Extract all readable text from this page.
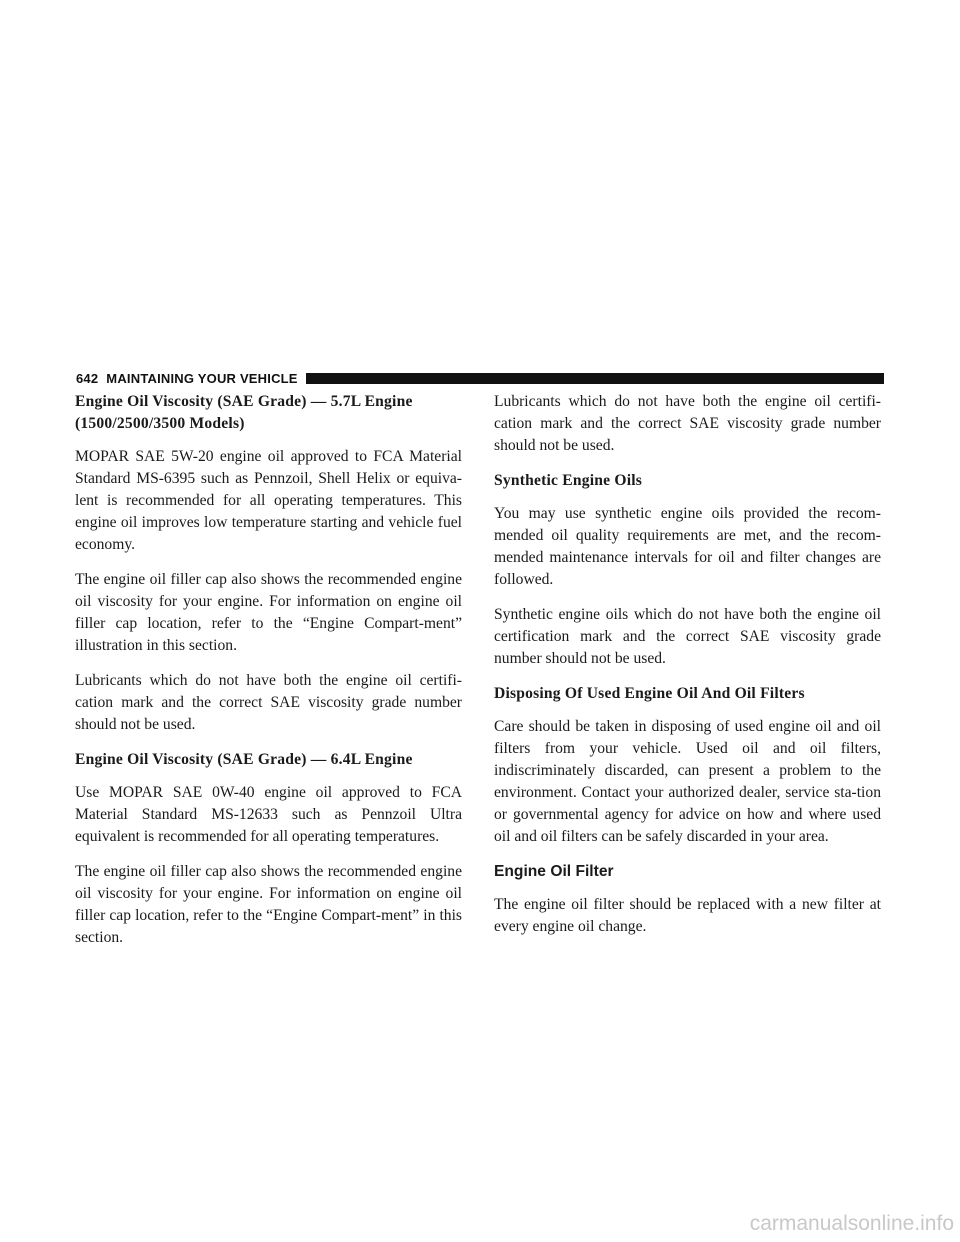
642 MAINTAINING YOUR VEHICLE
Engine Oil Viscosity (SAE Grade) — 5.7L Engine (1500/2500/3500 Models)

MOPAR SAE 5W-20 engine oil approved to FCA Material Standard MS-6395 such as Pennzoil, Shell Helix or equiva-lent is recommended for all operating temperatures. This engine oil improves low temperature starting and vehicle fuel economy.

The engine oil filler cap also shows the recommended engine oil viscosity for your engine. For information on engine oil filler cap location, refer to the “Engine Compart-ment” illustration in this section.

Lubricants which do not have both the engine oil certifi-cation mark and the correct SAE viscosity grade number should not be used.

Engine Oil Viscosity (SAE Grade) — 6.4L Engine

Use MOPAR SAE 0W-40 engine oil approved to FCA Material Standard MS-12633 such as Pennzoil Ultra equivalent is recommended for all operating temperatures.

The engine oil filler cap also shows the recommended engine oil viscosity for your engine. For information on engine oil filler cap location, refer to the “Engine Compart-ment” in this section.

Lubricants which do not have both the engine oil certifi-cation mark and the correct SAE viscosity grade number should not be used.

Synthetic Engine Oils

You may use synthetic engine oils provided the recom-mended oil quality requirements are met, and the recom-mended maintenance intervals for oil and filter changes are followed.

Synthetic engine oils which do not have both the engine oil certification mark and the correct SAE viscosity grade number should not be used.

Disposing Of Used Engine Oil And Oil Filters

Care should be taken in disposing of used engine oil and oil filters from your vehicle. Used oil and oil filters, indiscriminately discarded, can present a problem to the environment. Contact your authorized dealer, service sta-tion or governmental agency for advice on how and where used oil and oil filters can be safely discarded in your area.

Engine Oil Filter

The engine oil filter should be replaced with a new filter at every engine oil change.

carmanualsonline.info
